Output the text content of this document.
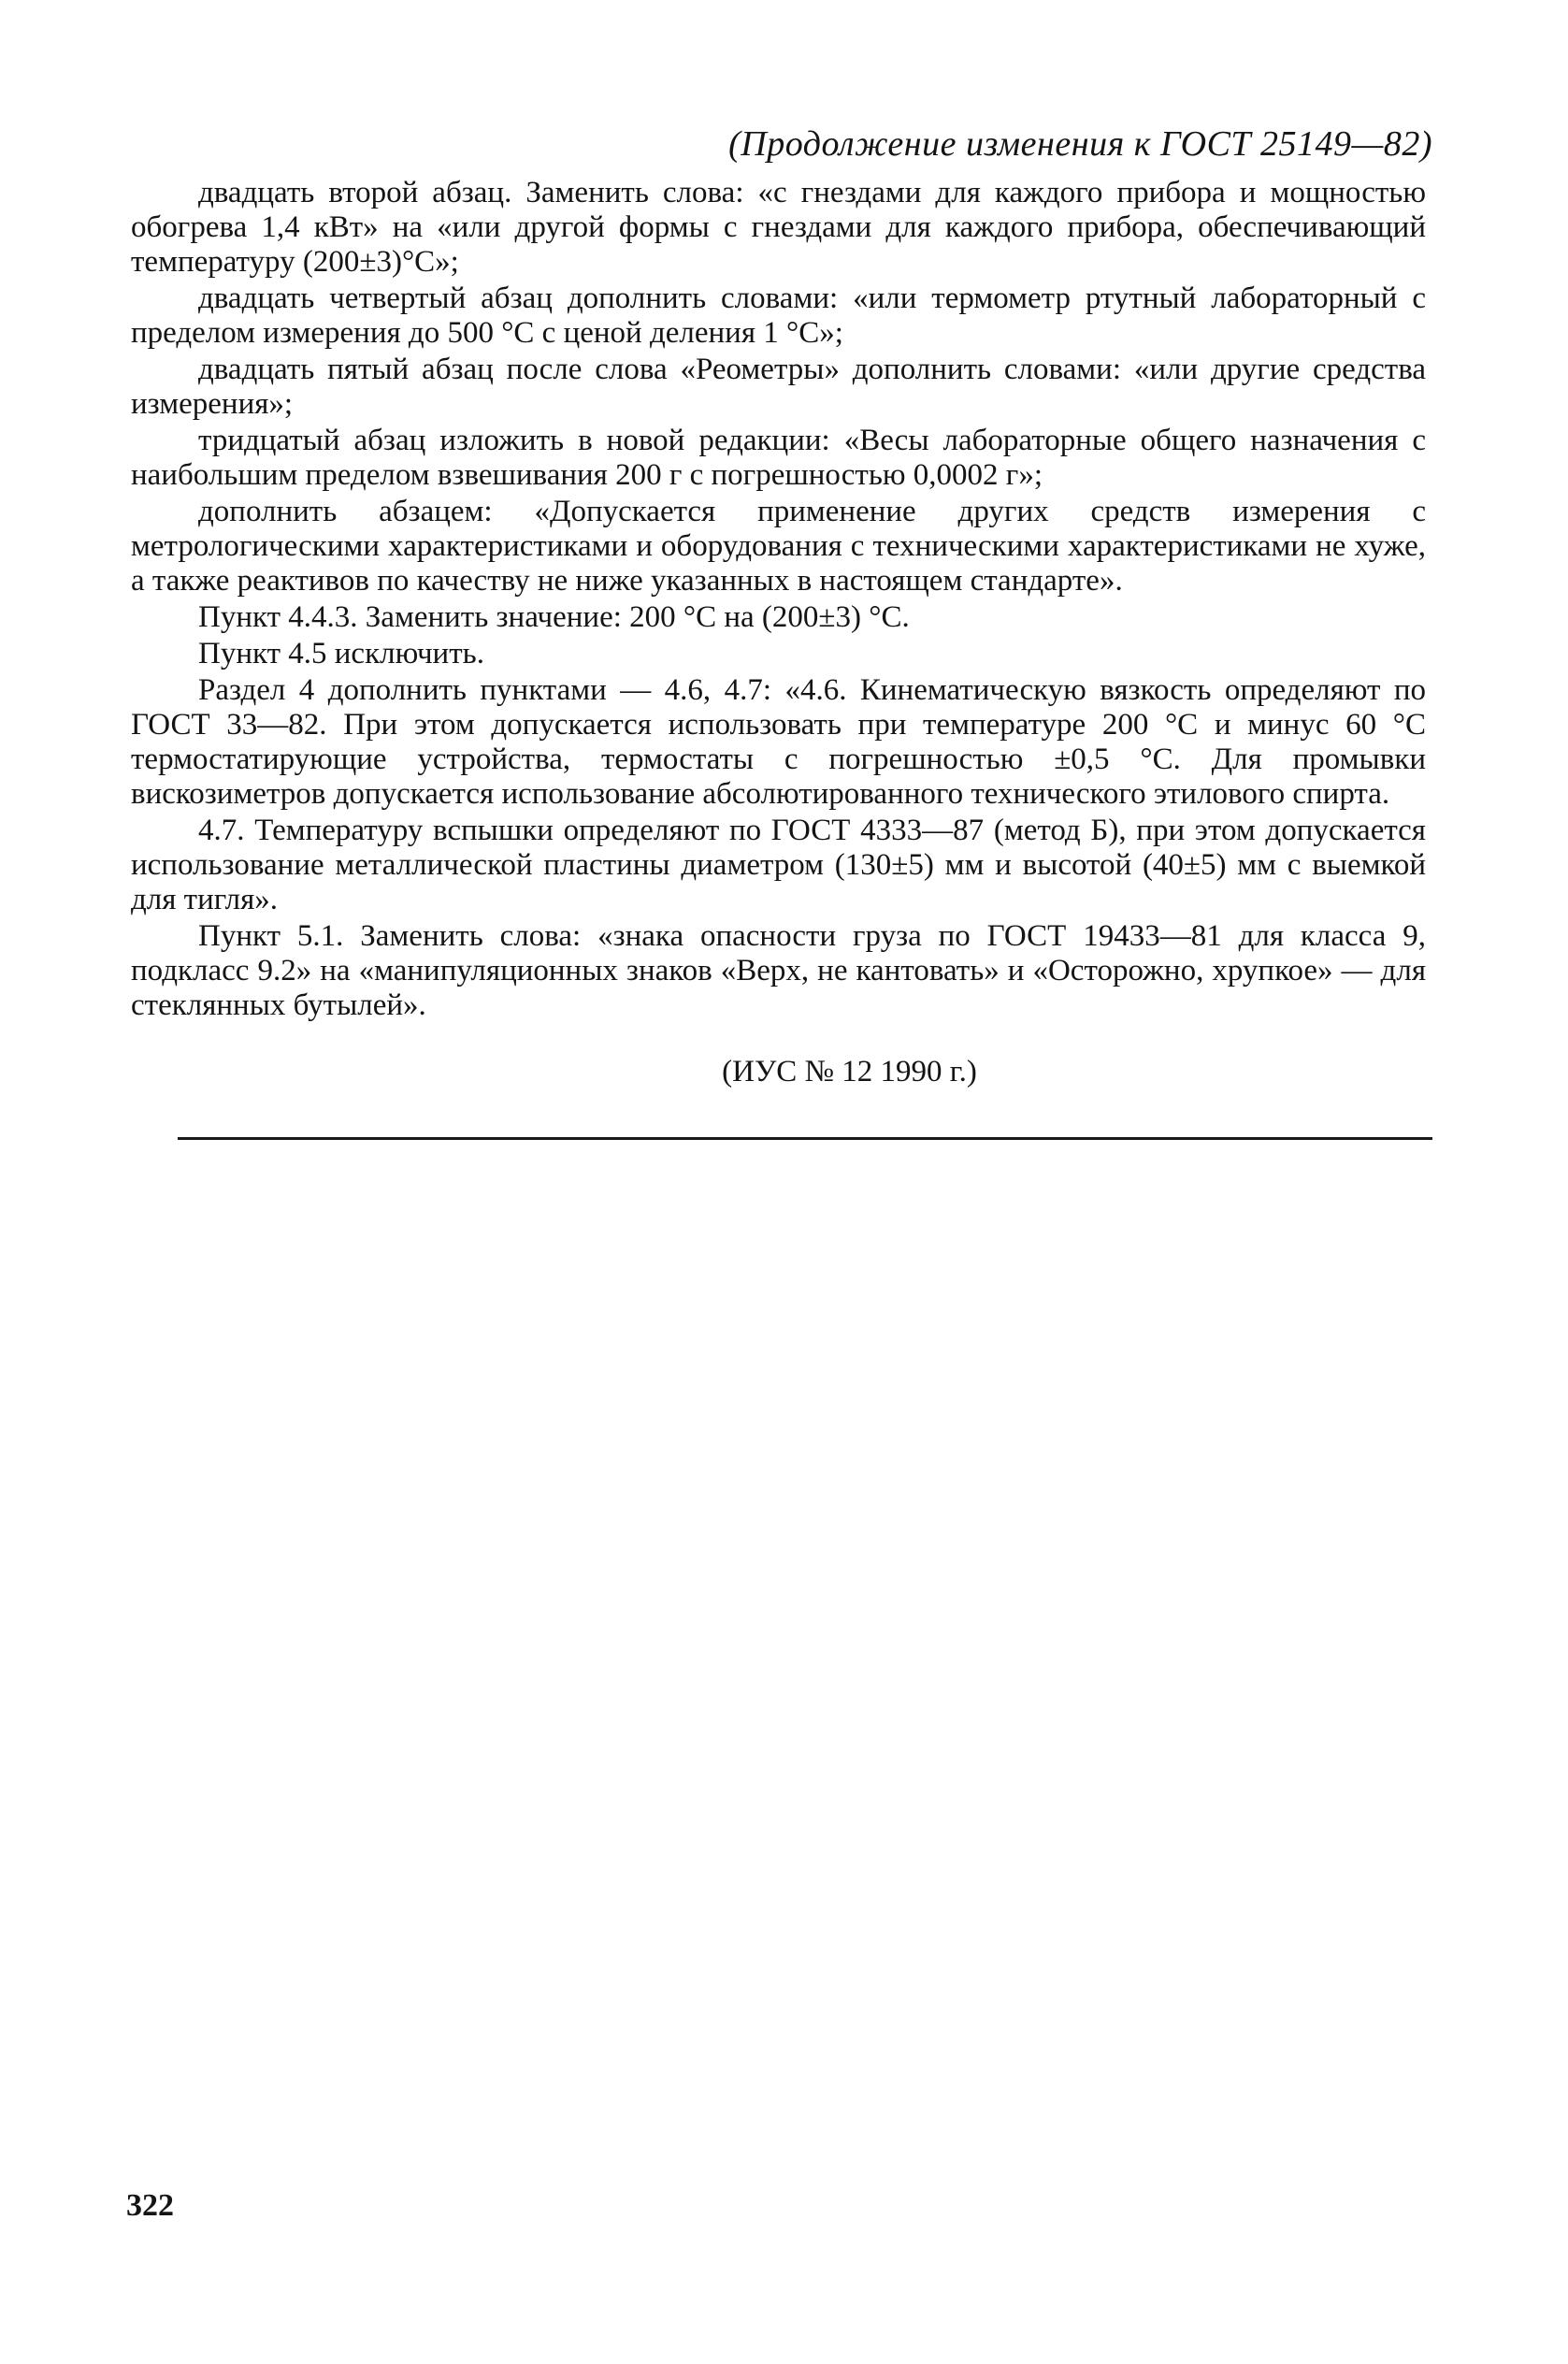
(Продолжение изменения к ГОСТ 25149—82)

двадцать второй абзац. Заменить слова: «с гнездами для каждого прибора и мощностью обогрева 1,4 кВт» на «или другой формы с гнездами для каждого прибора, обеспечивающий температуру (200±3)°С»;

двадцать четвертый абзац дополнить словами: «или термометр ртутный лабораторный с пределом измерения до 500 °С с ценой деления 1 °С»;

двадцать пятый абзац после слова «Реометры» дополнить словами: «или другие средства измерения»;

тридцатый абзац изложить в новой редакции: «Весы лабораторные общего назначения с наибольшим пределом взвешивания 200 г с погрешностью 0,0002 г»;

дополнить абзацем: «Допускается применение других средств измерения с метрологическими характеристиками и оборудования с техническими характеристиками не хуже, а также реактивов по качеству не ниже указанных в настоящем стандарте».

Пункт 4.4.3. Заменить значение: 200 °С на (200±3) °С.

Пункт 4.5 исключить.

Раздел 4 дополнить пунктами — 4.6, 4.7: «4.6. Кинематическую вязкость определяют по ГОСТ 33—82. При этом допускается использовать при температуре 200 °С и минус 60 °С термостатирующие устройства, термостаты с погрешностью ±0,5 °С. Для промывки вискозиметров допускается использование абсолютированного технического этилового спирта.

4.7. Температуру вспышки определяют по ГОСТ 4333—87 (метод Б), при этом допускается использование металлической пластины диаметром (130±5) мм и высотой (40±5) мм с выемкой для тигля».

Пункт 5.1. Заменить слова: «знака опасности груза по ГОСТ 19433—81 для класса 9, подкласс 9.2» на «манипуляционных знаков «Верх, не кантовать» и «Осторожно, хрупкое» — для стеклянных бутылей».

(ИУС № 12 1990 г.)
322
